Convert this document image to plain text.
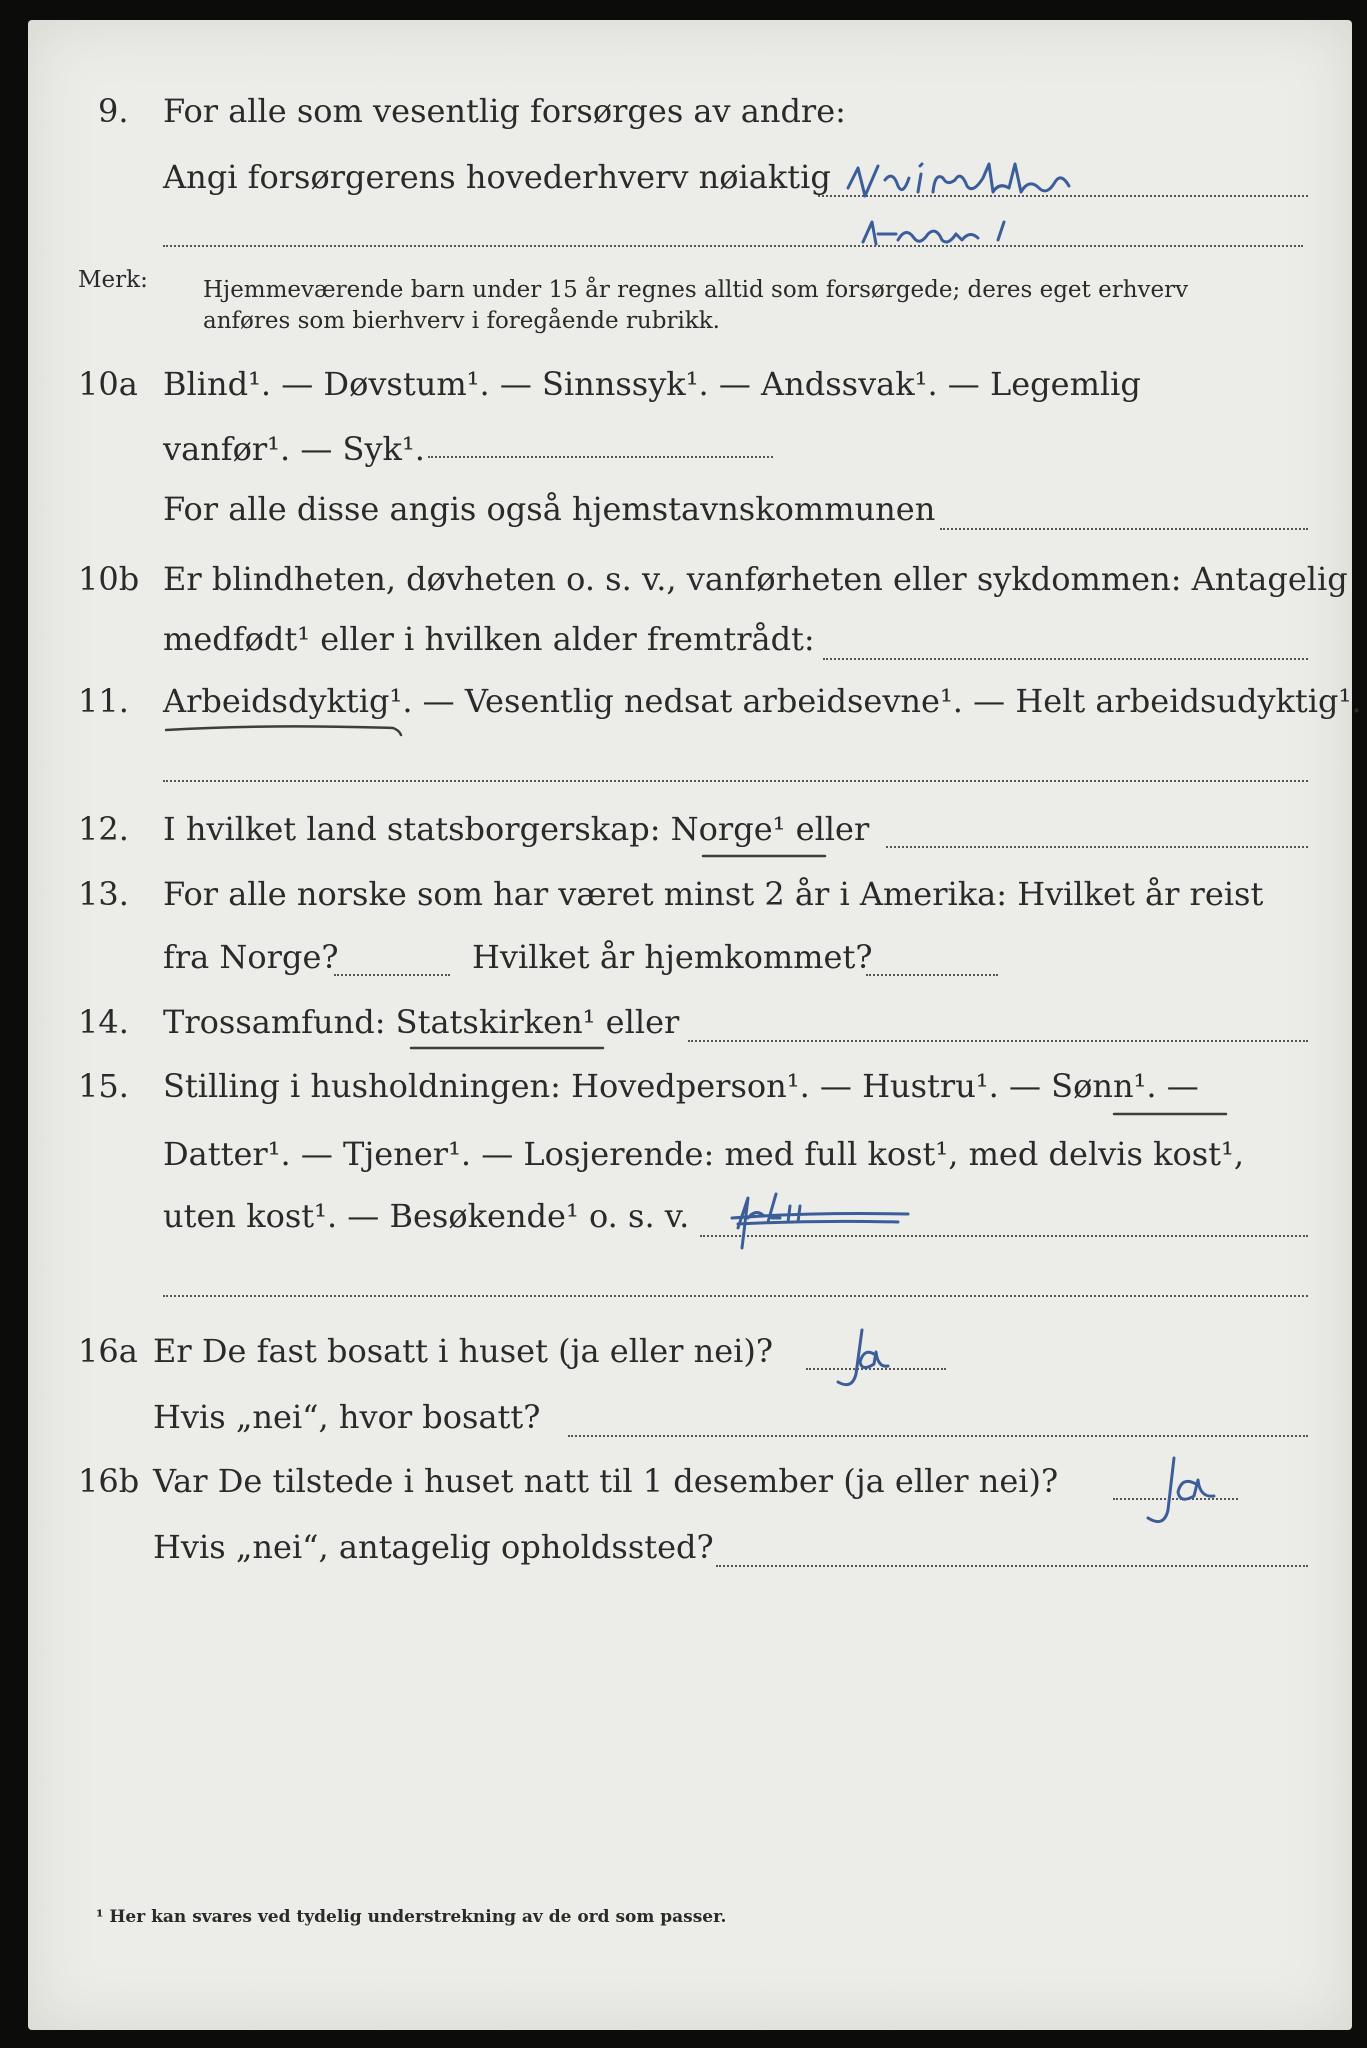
9. For alle som vesentlig forsørges av andre:
Angi forsørgerens hovederhverv nøiaktig
Merk: Hjemmeværende barn under 15 år regnes alltid som forsørgede; deres eget erhverv
anføres som bierhverv i foregående rubrikk.
10a Blind¹. — Døvstum¹. — Sinnssyk¹. — Andssvak¹. — Legemlig
vanfør¹. — Syk¹.
For alle disse angis også hjemstavnskommunen
10b Er blindheten, døvheten o. s. v., vanførheten eller sykdommen: Antagelig
medfødt¹ eller i hvilken alder fremtrådt:
11. Arbeidsdyktig¹. — Vesentlig nedsat arbeidsevne¹. — Helt arbeidsudyktig¹.
12. I hvilket land statsborgerskap: Norge¹ eller
13. For alle norske som har været minst 2 år i Amerika: Hvilket år reist
fra Norge?	Hvilket år hjemkommet?
14. Trossamfund: Statskirken¹ eller
15. Stilling i husholdningen: Hovedperson¹. — Hustru¹. — Sønn¹. —
Datter¹. — Tjener¹. — Losjerende: med full kost¹, med delvis kost¹,
uten kost¹. — Besøkende¹ o. s. v.
16a Er De fast bosatt i huset (ja eller nei)?
Hvis „nei“, hvor bosatt?
16b Var De tilstede i huset natt til 1 desember (ja eller nei)?
Hvis „nei“, antagelig opholdssted?
¹ Her kan svares ved tydelig understrekning av de ord som passer.
